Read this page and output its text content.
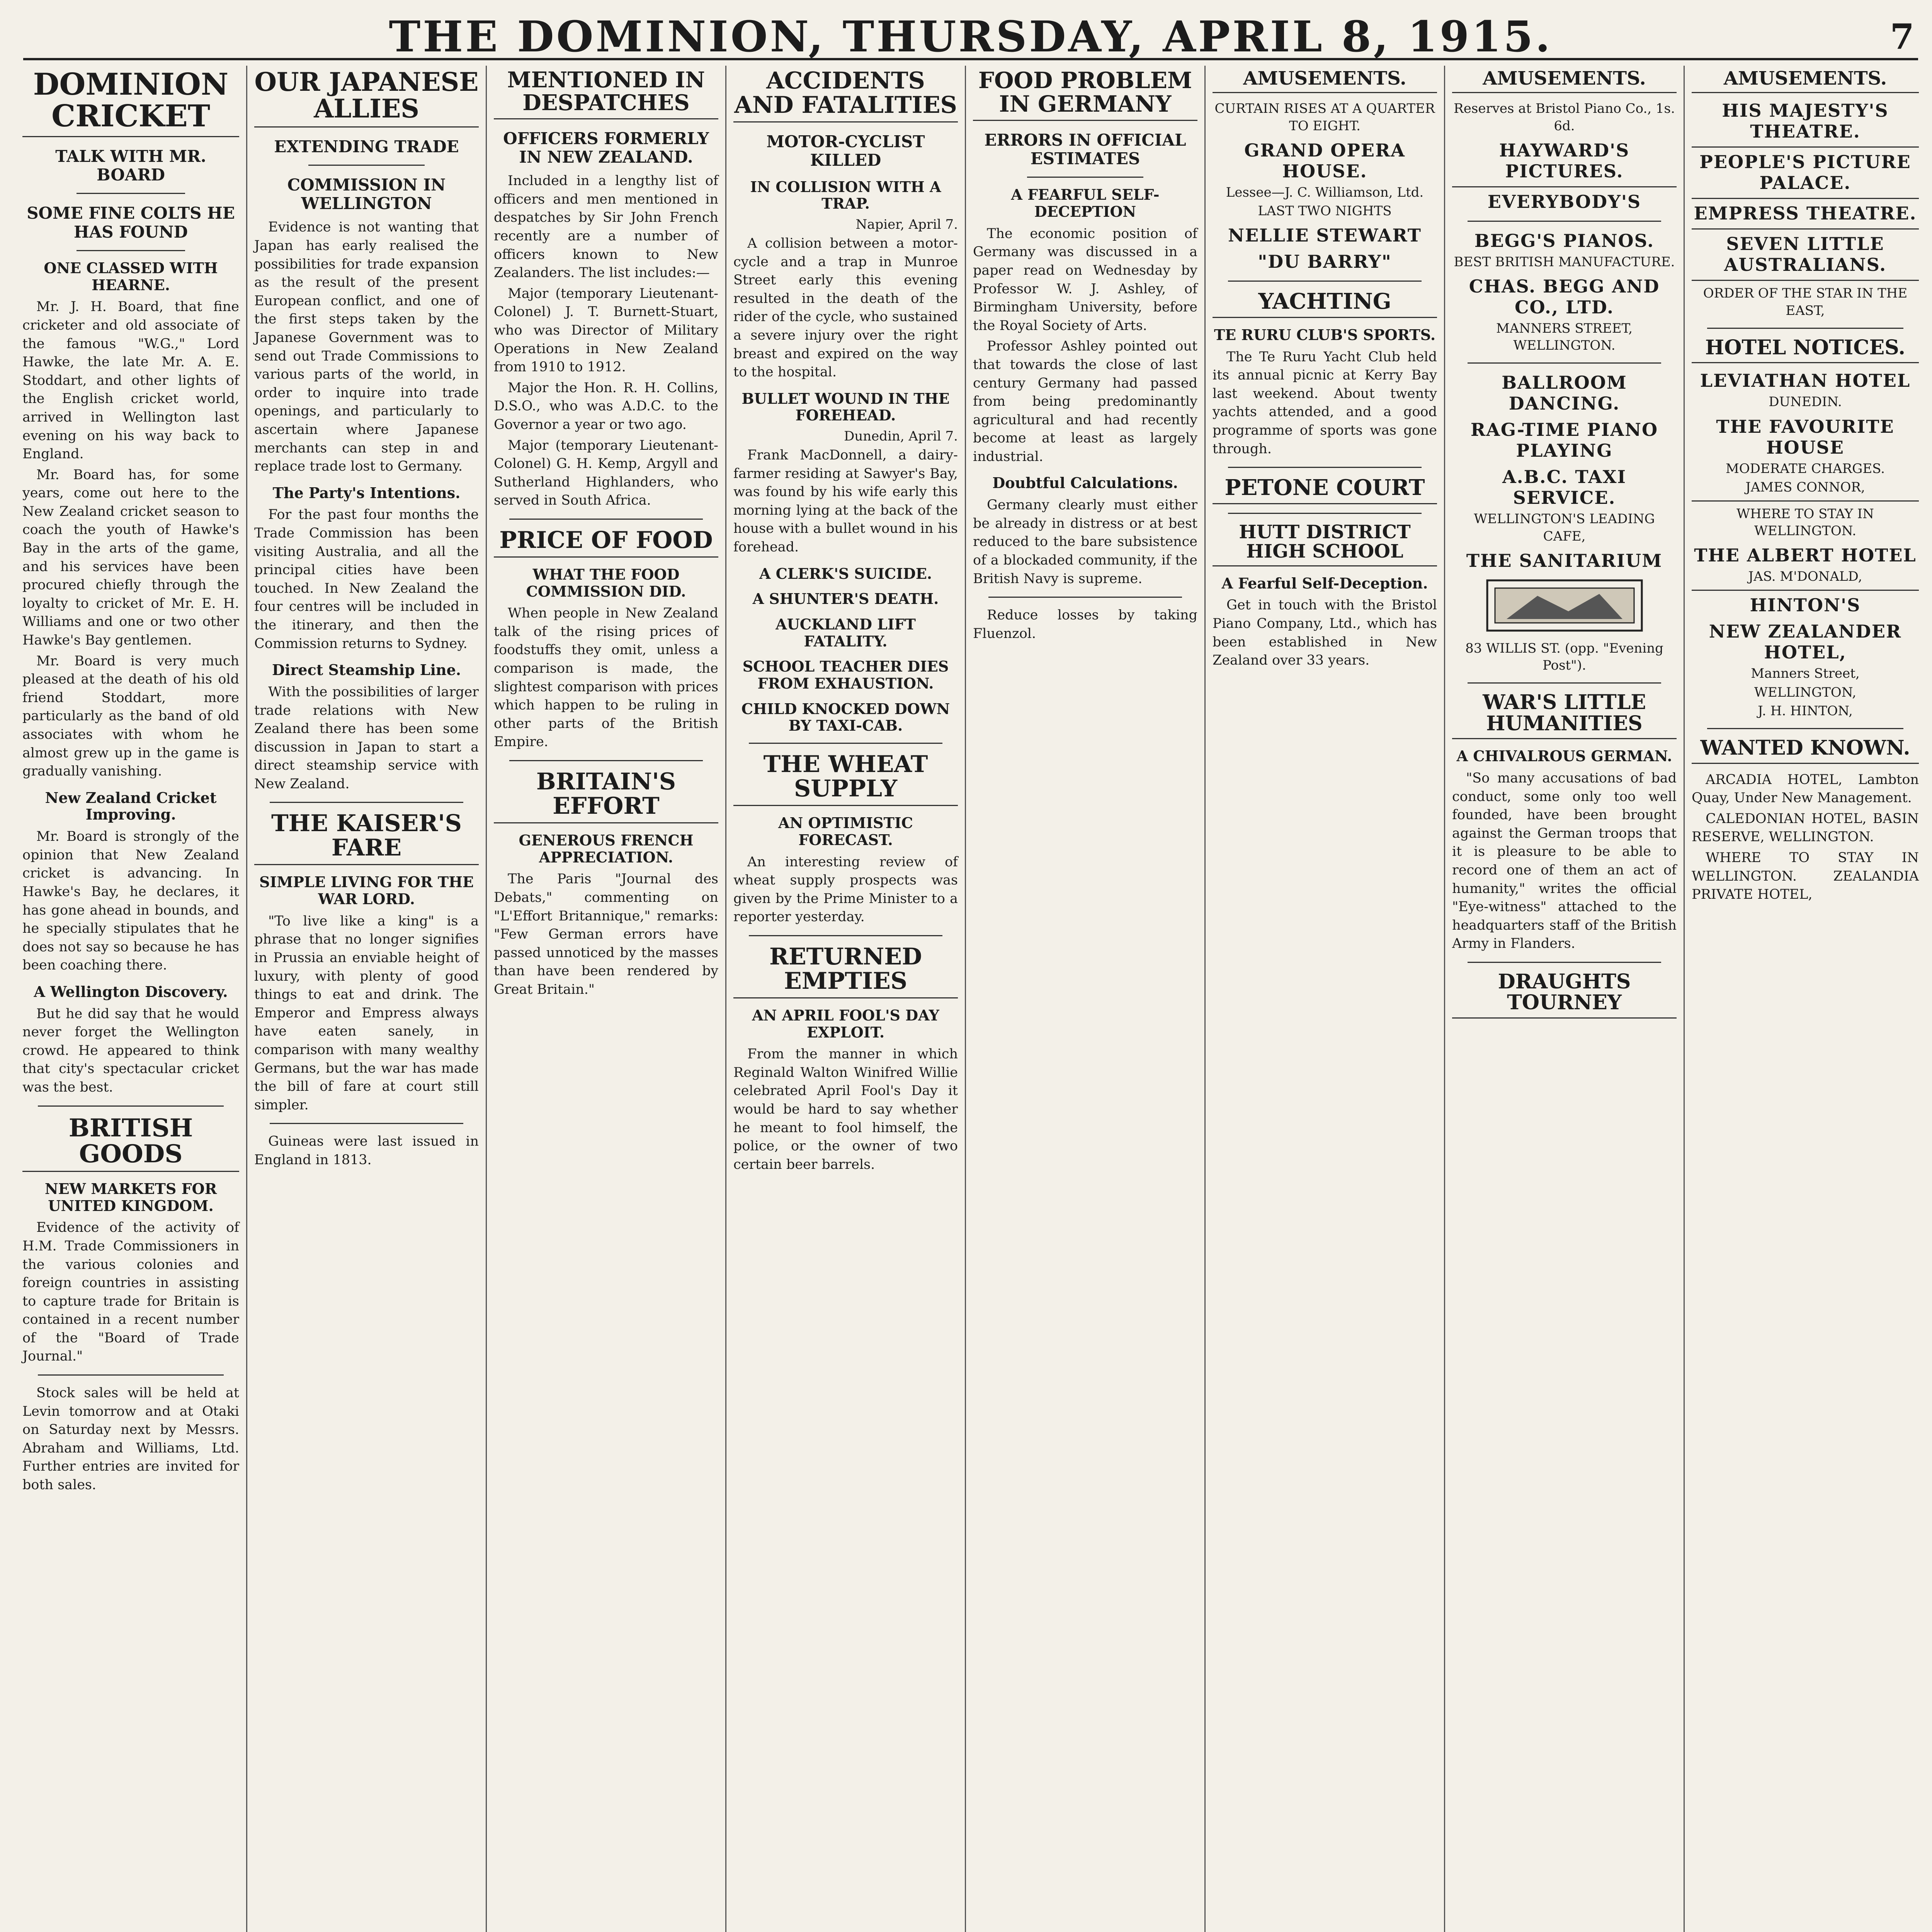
THE DOMINION, THURSDAY, APRIL 8, 1915.	7
DOMINION CRICKET
TALK WITH MR. BOARD
SOME FINE COLTS HE HAS FOUND
ONE CLASSED WITH HEARNE.

Mr. J. H. Board, that fine cricketer and old associate of the famous "W.G.," Lord Hawke, the late Mr. A. E. Stoddart, and other lights of the English cricket world, arrived in Wellington last evening on his way back to England.

Mr. Board has, for some years, come out here to the New Zealand cricket season to coach the youth of Hawke's Bay in the arts of the game, and his services have been procured chiefly through the loyalty to cricket of Mr. E. H. Williams and one or two other Hawke's Bay gentlemen.

Mr. Board is very much pleased at the death of his old friend Stoddart, more particularly as the band of old associates with whom he almost grew up in the game is gradually vanishing.

New Zealand Cricket Improving.

Mr. Board is strongly of the opinion that New Zealand cricket is advancing. In Hawke's Bay, he declares, it has gone ahead in bounds, and he specially stipulates that he does not say so because he has been coaching there.

A Wellington Discovery.

But he did say that he would never forget the Wellington crowd. He appeared to think that city's spectacular cricket was the best.

BRITISH GOODS
NEW MARKETS FOR UNITED KINGDOM.

Evidence of the activity of H.M. Trade Commissioners in the various colonies and foreign countries in assisting to capture trade for Britain is contained in a recent number of the "Board of Trade Journal."

Stock sales will be held at Levin tomorrow and at Otaki on Saturday next by Messrs. Abraham and Williams, Ltd. Further entries are invited for both sales.

OUR JAPANESE ALLIES
EXTENDING TRADE
COMMISSION IN WELLINGTON

Evidence is not wanting that Japan has early realised the possibilities for trade expansion as the result of the present European conflict, and one of the first steps taken by the Japanese Government was to send out Trade Commissions to various parts of the world, in order to inquire into trade openings, and particularly to ascertain where Japanese merchants can step in and replace trade lost to Germany.

The Party's Intentions.

For the past four months the Trade Commission has been visiting Australia, and all the principal cities have been touched. In New Zealand the four centres will be included in the itinerary, and then the Commission returns to Sydney.

Direct Steamship Line.

With the possibilities of larger trade relations with New Zealand there has been some discussion in Japan to start a direct steamship service with New Zealand.

THE KAISER'S FARE
SIMPLE LIVING FOR THE WAR LORD.

"To live like a king" is a phrase that no longer signifies in Prussia an enviable height of luxury, with plenty of good things to eat and drink. The Emperor and Empress always have eaten sanely, in comparison with many wealthy Germans, but the war has made the bill of fare at court still simpler.

Guineas were last issued in England in 1813.

MENTIONED IN DESPATCHES
OFFICERS FORMERLY IN NEW ZEALAND.

Included in a lengthy list of officers and men mentioned in despatches by Sir John French recently are a number of officers known to New Zealanders. The list includes:—

Major (temporary Lieutenant-Colonel) J. T. Burnett-Stuart, who was Director of Military Operations in New Zealand from 1910 to 1912.

Major the Hon. R. H. Collins, D.S.O., who was A.D.C. to the Governor a year or two ago.

Major (temporary Lieutenant-Colonel) G. H. Kemp, Argyll and Sutherland Highlanders, who served in South Africa.

PRICE OF FOOD
WHAT THE FOOD COMMISSION DID.

When people in New Zealand talk of the rising prices of foodstuffs they omit, unless a comparison is made, the slightest comparison with prices which happen to be ruling in other parts of the British Empire.

BRITAIN'S EFFORT
GENEROUS FRENCH APPRECIATION.

The Paris "Journal des Debats," commenting on "L'Effort Britannique," remarks: "Few German errors have passed unnoticed by the masses than have been rendered by Great Britain."

ACCIDENTS AND FATALITIES
MOTOR-CYCLIST KILLED
IN COLLISION WITH A TRAP.
Napier, April 7.

A collision between a motor-cycle and a trap in Munroe Street early this evening resulted in the death of the rider of the cycle, who sustained a severe injury over the right breast and expired on the way to the hospital.

BULLET WOUND IN THE FOREHEAD.
Dunedin, April 7.

Frank MacDonnell, a dairy-farmer residing at Sawyer's Bay, was found by his wife early this morning lying at the back of the house with a bullet wound in his forehead.

A CLERK'S SUICIDE.
A SHUNTER'S DEATH.
AUCKLAND LIFT FATALITY.
SCHOOL TEACHER DIES FROM EXHAUSTION.
CHILD KNOCKED DOWN BY TAXI-CAB.
THE WHEAT SUPPLY
AN OPTIMISTIC FORECAST.

An interesting review of wheat supply prospects was given by the Prime Minister to a reporter yesterday.

RETURNED EMPTIES
AN APRIL FOOL'S DAY EXPLOIT.

From the manner in which Reginald Walton Winifred Willie celebrated April Fool's Day it would be hard to say whether he meant to fool himself, the police, or the owner of two certain beer barrels.

FOOD PROBLEM IN GERMANY
ERRORS IN OFFICIAL ESTIMATES
A FEARFUL SELF-DECEPTION

The economic position of Germany was discussed in a paper read on Wednesday by Professor W. J. Ashley, of Birmingham University, before the Royal Society of Arts.

Professor Ashley pointed out that towards the close of last century Germany had passed from being predominantly agricultural and had recently become at least as largely industrial.

Doubtful Calculations.

Germany clearly must either be already in distress or at best reduced to the bare subsistence of a blockaded community, if the British Navy is supreme.

Reduce losses by taking Fluenzol.

AMUSEMENTS.
CURTAIN RISES AT A QUARTER TO EIGHT.
GRAND OPERA HOUSE.
Lessee—J. C. Williamson, Ltd.
LAST TWO NIGHTS
NELLIE STEWART
"DU BARRY"
YACHTING
TE RURU CLUB'S SPORTS.

The Te Ruru Yacht Club held its annual picnic at Kerry Bay last weekend. About twenty yachts attended, and a good programme of sports was gone through.

PETONE COURT
HUTT DISTRICT HIGH SCHOOL
A Fearful Self-Deception.

Get in touch with the Bristol Piano Company, Ltd., which has been established in New Zealand over 33 years.

AMUSEMENTS.
Reserves at Bristol Piano Co., 1s. 6d.
HAYWARD'S PICTURES.
EVERYBODY'S
BEGG'S PIANOS.
BEST BRITISH MANUFACTURE.
CHAS. BEGG AND CO., LTD.
MANNERS STREET, WELLINGTON.
BALLROOM DANCING.
RAG-TIME PIANO PLAYING
A.B.C. TAXI SERVICE.
WELLINGTON'S LEADING CAFE,
THE SANITARIUM
83 WILLIS ST. (opp. "Evening Post").
WAR'S LITTLE HUMANITIES
A CHIVALROUS GERMAN.

"So many accusations of bad conduct, some only too well founded, have been brought against the German troops that it is pleasure to be able to record one of them an act of humanity," writes the official "Eye-witness" attached to the headquarters staff of the British Army in Flanders.

DRAUGHTS TOURNEY
AMUSEMENTS.
HIS MAJESTY'S THEATRE.
PEOPLE'S PICTURE PALACE.
EMPRESS THEATRE.
SEVEN LITTLE AUSTRALIANS.
ORDER OF THE STAR IN THE EAST,
HOTEL NOTICES.
LEVIATHAN HOTEL
DUNEDIN.
THE FAVOURITE HOUSE
MODERATE CHARGES.
JAMES CONNOR,
WHERE TO STAY IN WELLINGTON.
THE ALBERT HOTEL
JAS. M'DONALD,
HINTON'S
NEW ZEALANDER HOTEL,
Manners Street,
WELLINGTON,
J. H. HINTON,
WANTED KNOWN.

ARCADIA HOTEL, Lambton Quay, Under New Management.

CALEDONIAN HOTEL, BASIN RESERVE, WELLINGTON.

WHERE TO STAY IN WELLINGTON. ZEALANDIA PRIVATE HOTEL,
